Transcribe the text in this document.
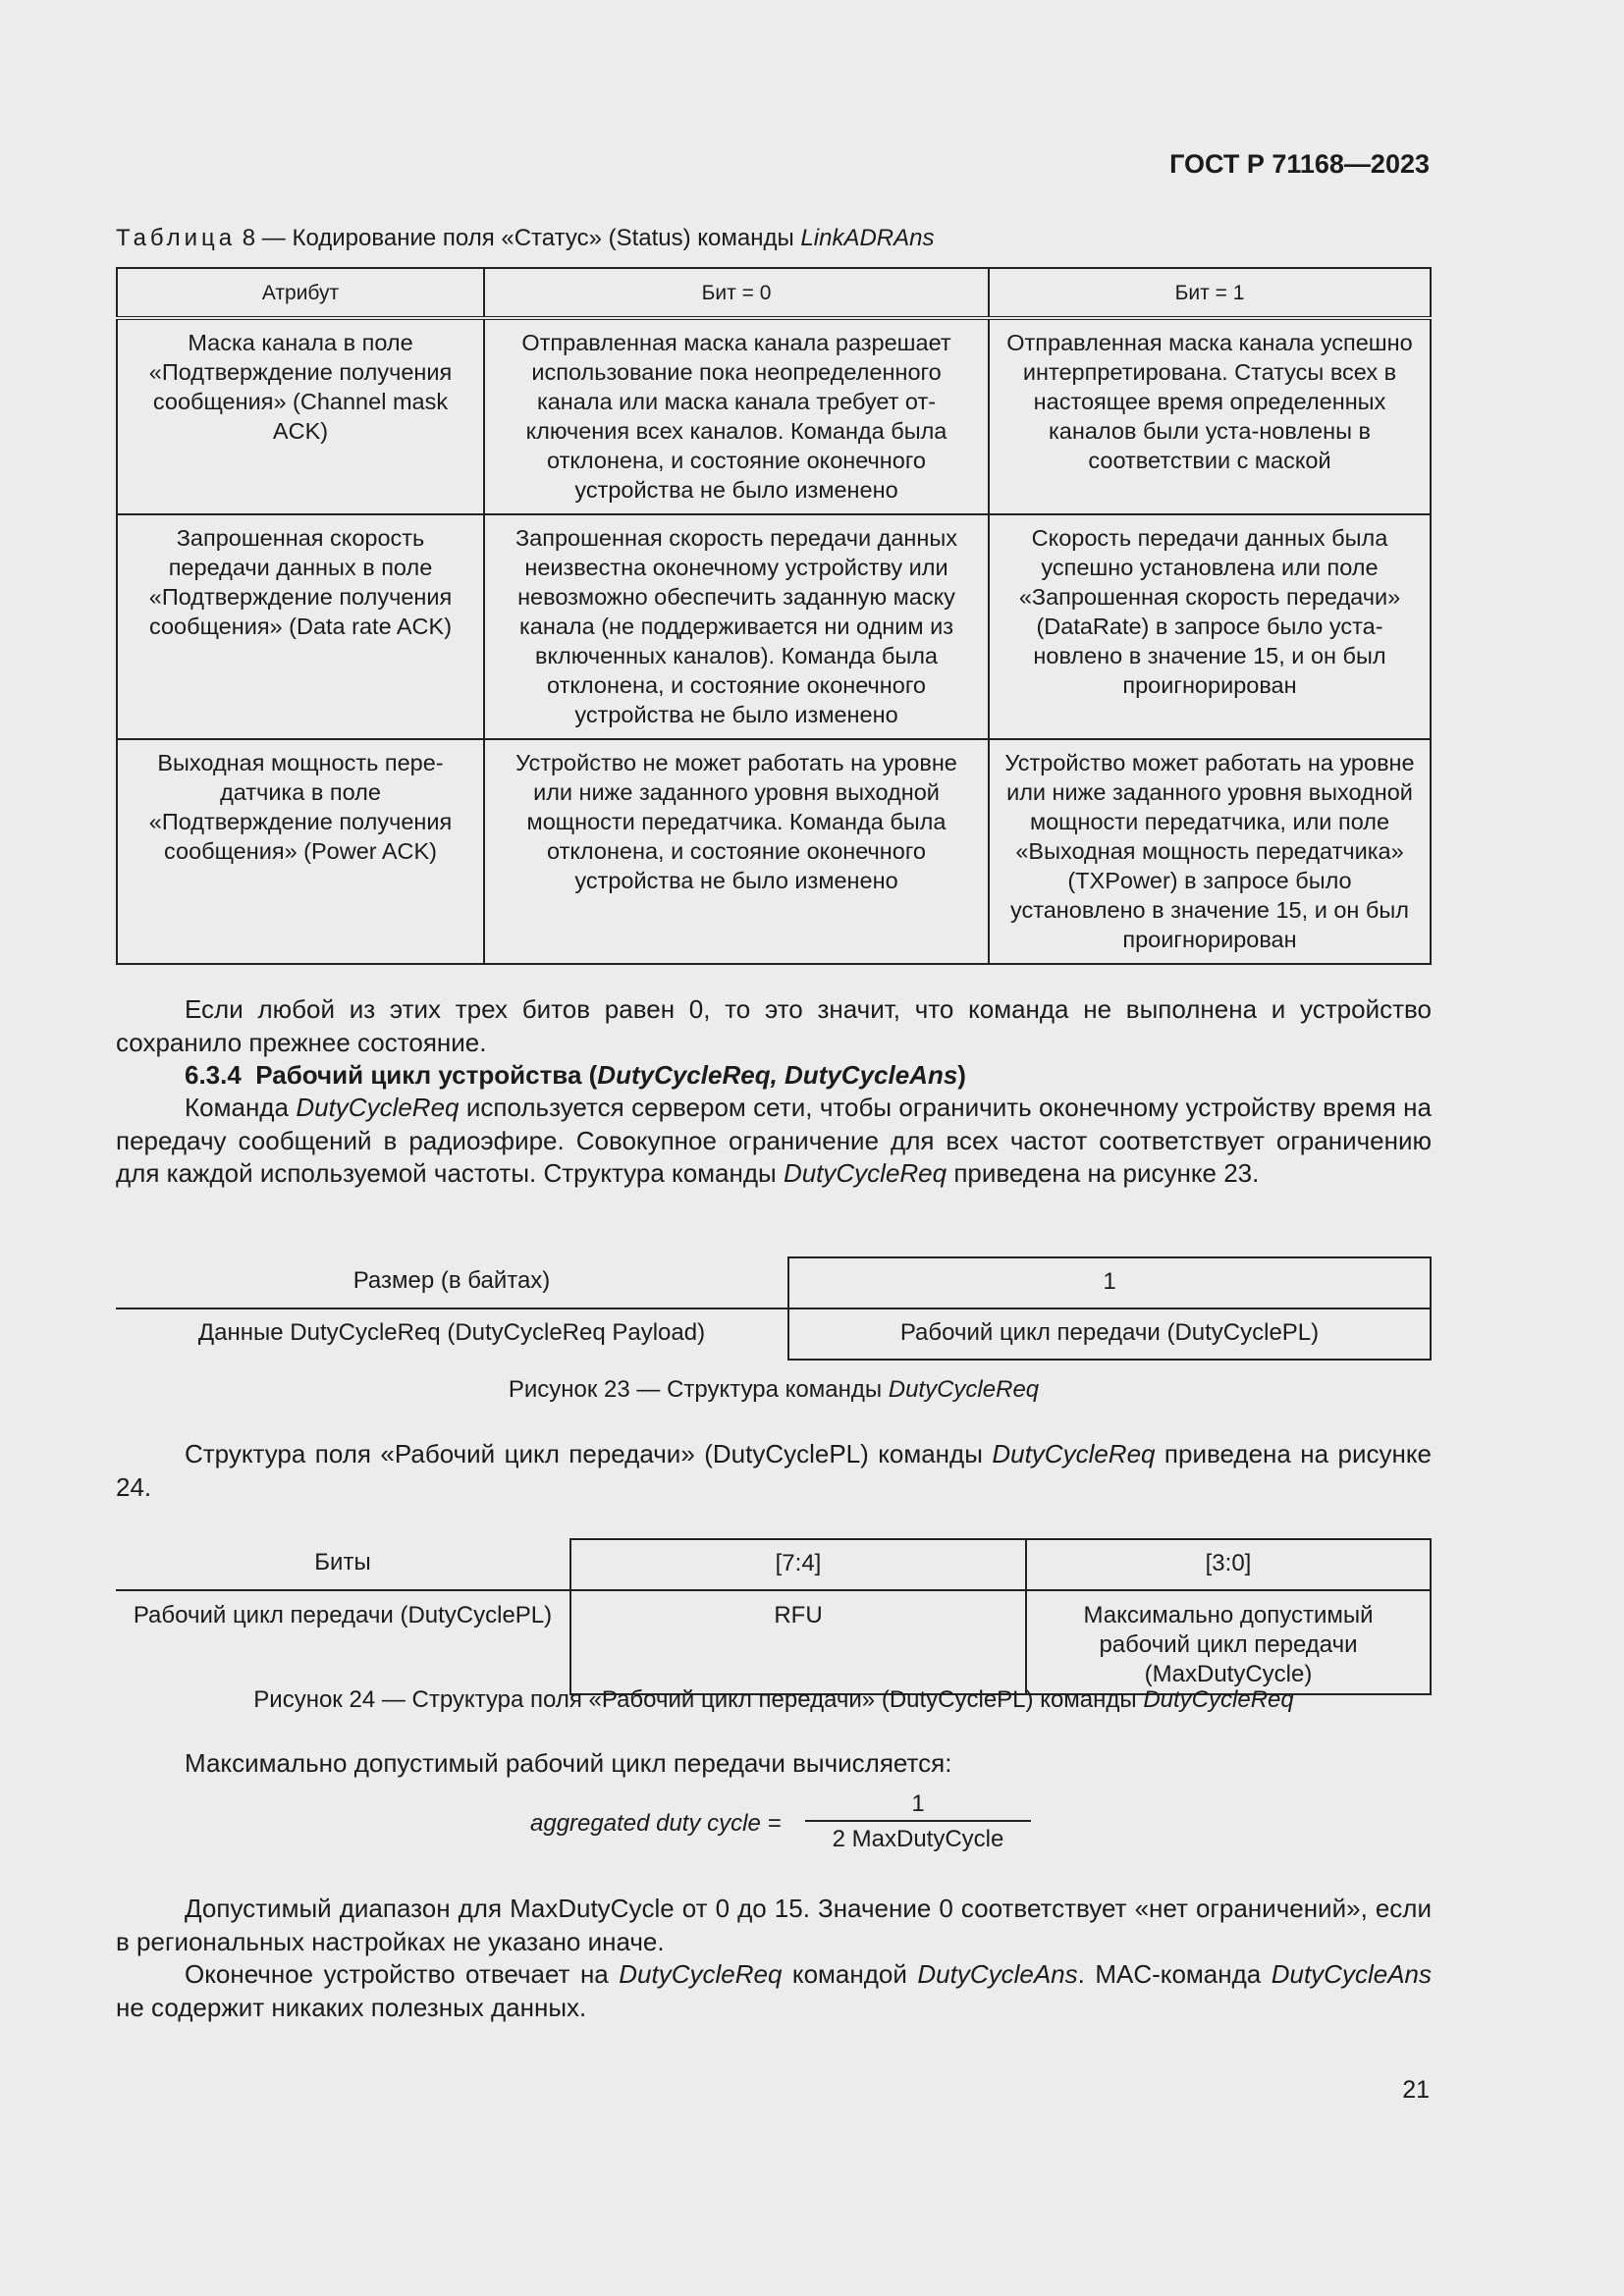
ГОСТ Р 71168—2023
Таблица 8 — Кодирование поля «Статус» (Status) команды LinkADRAns
Атрибут	Бит = 0	Бит = 1
Маска канала в поле «Подтверждение получения сообщения» (Channel mask ACK)	Отправленная маска канала разрешает использование пока неопределенного канала или маска канала требует от-ключения всех каналов. Команда была отклонена, и состояние оконечного устройства не было изменено	Отправленная маска канала успешно интерпретирована. Статусы всех в настоящее время определенных каналов были уста-новлены в соответствии с маской
Запрошенная скорость передачи данных в поле «Подтверждение получения сообщения» (Data rate ACK)	Запрошенная скорость передачи данных неизвестна оконечному устройству или невозможно обеспечить заданную маску канала (не поддерживается ни одним из включенных каналов). Команда была отклонена, и состояние оконечного устройства не было изменено	Скорость передачи данных была успешно установлена или поле «Запрошенная скорость передачи» (DataRate) в запросе было уста-новлено в значение 15, и он был проигнорирован
Выходная мощность пере-датчика в поле «Подтверждение получения сообщения» (Power ACK)	Устройство не может работать на уровне или ниже заданного уровня выходной мощности передатчика. Команда была отклонена, и состояние оконечного устройства не было изменено	Устройство может работать на уровне или ниже заданного уровня выходной мощности передатчика, или поле «Выходная мощность передатчика» (TXPower) в запросе было установлено в значение 15, и он был проигнорирован
Если любой из этих трех битов равен 0, то это значит, что команда не выполнена и устройство сохранило прежнее состояние.
6.3.4 Рабочий цикл устройства (DutyCycleReq, DutyCycleAns)
Команда DutyCycleReq используется сервером сети, чтобы ограничить оконечному устройству время на передачу сообщений в радиоэфире. Совокупное ограничение для всех частот соответствует ограничению для каждой используемой частоты. Структура команды DutyCycleReq приведена на рисунке 23.
Размер (в байтах)	1
Данные DutyCycleReq (DutyCycleReq Payload)	Рабочий цикл передачи (DutyCyclePL)
Рисунок 23 — Структура команды DutyCycleReq
Структура поля «Рабочий цикл передачи» (DutyCyclePL) команды DutyCycleReq приведена на рисунке 24.
Биты	[7:4]	[3:0]
Рабочий цикл передачи (DutyCyclePL)	RFU	Максимально допустимый рабочий цикл передачи (MaxDutyCycle)
Рисунок 24 — Структура поля «Рабочий цикл передачи» (DutyCyclePL) команды DutyCycleReq
Максимально допустимый рабочий цикл передачи вычисляется:
aggregated duty cycle =
1
2 MaxDutyCycle
Допустимый диапазон для MaxDutyCycle от 0 до 15. Значение 0 соответствует «нет ограничений», если в региональных настройках не указано иначе.
Оконечное устройство отвечает на DutyCycleReq командой DutyCycleAns. MAC-команда DutyCycleAns не содержит никаких полезных данных.
21
